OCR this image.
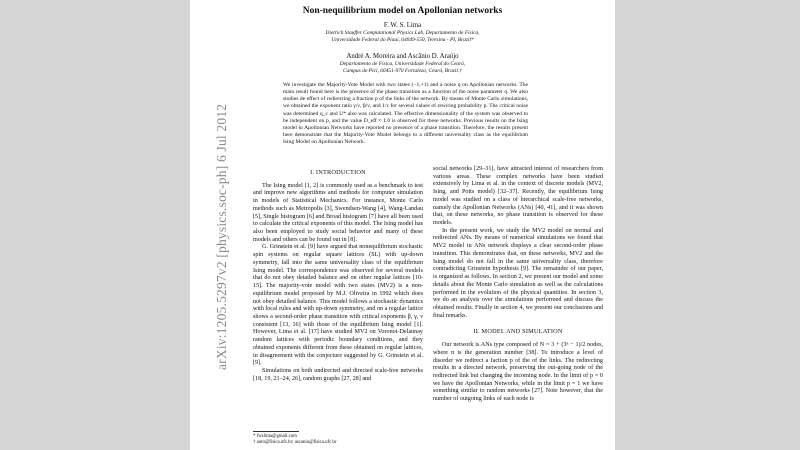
Non-nequilibrium model on Apollonian networks
F. W. S. Lima
Dietrich Stauffer Computational Physics Lab, Departamento de Física,
Universidade Federal do Piauí, 64049-550, Teresina - PI, Brazil*
André A. Moreira and Ascânio D. Araújo
Departamento de Física, Universidade Federal do Ceará,
Campus do Pici, 60451-970 Fortaleza, Ceará, Brazil.†
We investigate the Majority-Vote Model with two states (−1,+1) and a noise q on Apollonian networks. The main result found here is the presence of the phase transition as a function of the noise parameter q. We also studies de effect of redirecting a fraction p of the links of the network. By means of Monte Carlo simulations, we obtained the exponent ratio γ/ν, β/ν, and 1/ν for several values of rewiring probability p. The critical noise was determined q_c and U* also was calculated. The effective dimensionality of the system was observed to be independent on p, and the value D_eff ≈ 1.0 is observed for these networks. Previous results on the Ising model in Apollonian Networks have reported no presence of a phase transition. Therefore, the results present here demonstrate that the Majority-Vote Model belongs to a different universality class as the equilibrium Ising Model on Apollonian Network.
I. INTRODUCTION

The Ising model [1, 2] is commonly used as a benchmark to test and improve new algorithms and methods for computer simulation in models of Statistical Mechanics. For instance, Monte Carlo methods such as Metropolis [3], Swendsen-Wang [4], Wang-Landau [5], Single histogram [6] and Broad histogram [7] have all been used to calculate the critical exponents of this model. The Ising model has also been employed to study social behavior and many of these models and others can be found out in [8].

G. Grinstein et al. [9] have argued that nonequilibrium stochastic spin systems on regular square lattices (SL) with up-down symmetry, fall into the same universality class of the equilibrium Ising model. The correspondence was observed for several models that do not obey detailed balance and on other regular lattices [10-15]. The majority-vote model with two states (MV2) is a non-equilibrium model proposed by M.J. Oliveira in 1992 which does not obey detailed balance. This model follows a stochastic dynamics with local rules and with up-down symmetry, and on a regular lattice shows a second-order phase transition with critical exponents β, γ, ν consistent [13, 16] with those of the equilibrium Ising model [1]. However, Lima et al. [17] have studied MV2 on Voronoi-Delaunay random lattices with periodic boundary conditions, and they obtained exponents different from these obtained on regular lattices, in disagreement with the conjecture suggested by G. Grinstein et al. [9].

Simulations on both undirected and directed scale-free networks [18, 19, 21–24, 26], random graphs [27, 28] and

social networks [29–31], have attracted interest of researchers from various areas. These complex networks have been studied extensively by Lima et al. in the context of discrete models (MV2, Ising, and Potts model) [32–37]. Recently, the equilibrium Ising model was studied on a class of hierarchical scale-free networks, namely the Apollonian Networks (ANs) [40, 41], and it was shown that, on these networks, no phase transition is observed for these models.

In the present work, we study the MV2 model on normal and redirected ANs. By means of numerical simulations we found that MV2 model in ANs network displays a clear second-order phase transition. This demonstrates that, on these networks, MV2 and the Ising model do not fall in the same universality class, therefore contradicting Grinstein hypothesis [9]. The remainder of our paper, is organized as follows. In section 2, we present our model and some details about the Monte Carlo simulation as well as the calculations performed in the evolution of the physical quantities. In section 3, we do an analysis over the simulations performed and discuss the obtained results. Finally in section 4, we present our conclusions and final remarks.

II. MODEL AND SIMULATION

Our network is ANs type composed of N = 3 + (3ⁿ − 1)/2 nodes, where n is the generation number [38]. To introduce a level of disorder we redirect a faction p of the of the links. The redirecting results in a directed network, preserving the out-going node of the redirected link but changing the incoming node. In the limit of p = 0 we have the Apollonian Networks, while in the limit p = 1 we have something similar to random networks [27]. Note however, that the number of outgoing links of each node is

* fwslima@gmail.com
† auto@fisica.ufc.br; ascanio@fisica.ufc.br
arXiv:1205.5297v2 [physics.soc-ph] 6 Jul 2012
